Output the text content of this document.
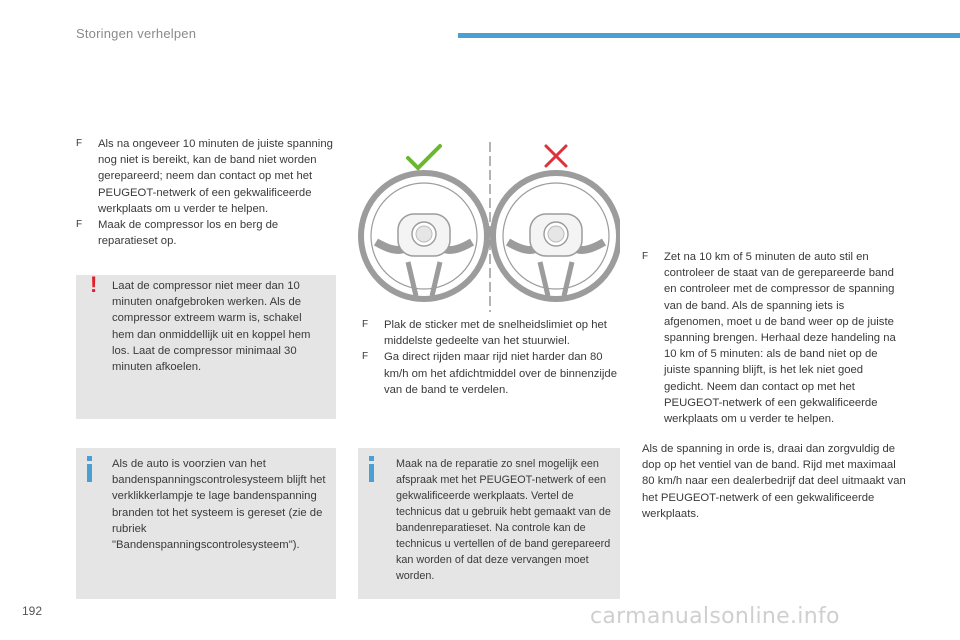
Storingen verhelpen
F Als na ongeveer 10 minuten de juiste spanning nog niet is bereikt, kan de band niet worden gerepareerd; neem dan contact op met het PEUGEOT-netwerk of een gekwalificeerde werkplaats om u verder te helpen.
F Maak de compressor los en berg de reparatieset op.
! Laat de compressor niet meer dan 10 minuten onafgebroken werken. Als de compressor extreem warm is, schakel hem dan onmiddellijk uit en koppel hem los. Laat de compressor minimaal 30 minuten afkoelen.
Als de auto is voorzien van het bandenspanningscontrolesysteem blijft het verklikkerlampje te lage bandenspanning branden tot het systeem is gereset (zie de rubriek "Bandenspanningscontrolesysteem").
F Plak de sticker met de snelheidslimiet op het middelste gedeelte van het stuurwiel.
F Ga direct rijden maar rijd niet harder dan 80 km/h om het afdichtmiddel over de binnenzijde van de band te verdelen.
Maak na de reparatie zo snel mogelijk een afspraak met het PEUGEOT-netwerk of een gekwalificeerde werkplaats. Vertel de technicus dat u gebruik hebt gemaakt van de bandenreparatieset. Na controle kan de technicus u vertellen of de band gerepareerd kan worden of dat deze vervangen moet worden.
F Zet na 10 km of 5 minuten de auto stil en controleer de staat van de gerepareerde band en controleer met de compressor de spanning van de band. Als de spanning iets is afgenomen, moet u de band weer op de juiste spanning brengen. Herhaal deze handeling na 10 km of 5 minuten: als de band niet op de juiste spanning blijft, is het lek niet goed gedicht. Neem dan contact op met het PEUGEOT-netwerk of een gekwalificeerde werkplaats om u verder te helpen.
Als de spanning in orde is, draai dan zorgvuldig de dop op het ventiel van de band. Rijd met maximaal 80 km/h naar een dealerbedrijf dat deel uitmaakt van het PEUGEOT-netwerk of een gekwalificeerde werkplaats.
192	carmanualsonline.info
